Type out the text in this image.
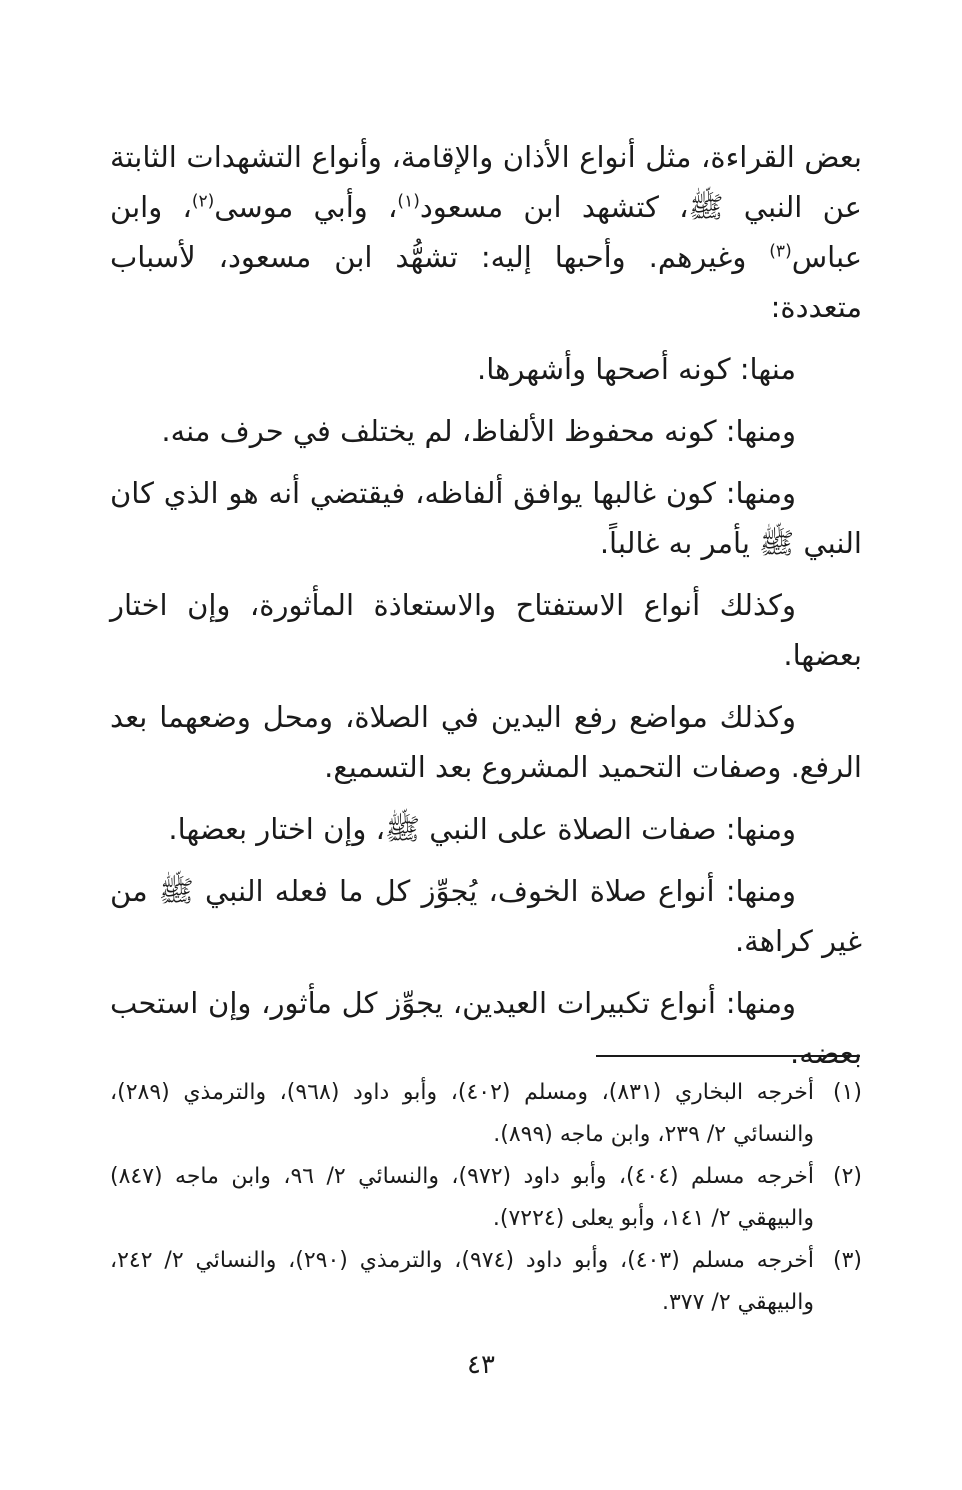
بعض القراءة، مثل أنواع الأذان والإقامة، وأنواع التشهدات الثابتة عن النبي ﷺ، كتشهد ابن مسعود$^{(١)}$، وأبي موسى$^{(٢)}$، وابن عباس$^{(٣)}$ وغيرهم. وأحبها إليه: تشهُّد ابن مسعود، لأسباب متعددة:

منها: كونه أصحها وأشهرها.

ومنها: كونه محفوظ الألفاظ، لم يختلف في حرف منه.

ومنها: كون غالبها يوافق ألفاظه، فيقتضي أنه هو الذي كان النبي ﷺ يأمر به غالباً.

وكذلك أنواع الاستفتاح والاستعاذة المأثورة، وإن اختار بعضها.

وكذلك مواضع رفع اليدين في الصلاة، ومحل وضعهما بعد الرفع. وصفات التحميد المشروع بعد التسميع.

ومنها: صفات الصلاة على النبي ﷺ، وإن اختار بعضها.

ومنها: أنواع صلاة الخوف، يُجوِّز كل ما فعله النبي ﷺ من غير كراهة.

ومنها: أنواع تكبيرات العيدين، يجوِّز كل مأثور، وإن استحب بعضه.

(١)
أخرجه البخاري (٨٣١)، ومسلم (٤٠٢)، وأبو داود (٩٦٨)، والترمذي (٢٨٩)، والنسائي ٢/ ٢٣٩، وابن ماجه (٨٩٩).

(٢)
أخرجه مسلم (٤٠٤)، وأبو داود (٩٧٢)، والنسائي ٢/ ٩٦، وابن ماجه (٨٤٧) والبيهقي ٢/ ١٤١، وأبو يعلى (٧٢٢٤).

(٣)
أخرجه مسلم (٤٠٣)، وأبو داود (٩٧٤)، والترمذي (٢٩٠)، والنسائي ٢/ ٢٤٢، والبيهقي ٢/ ٣٧٧.

٤٣
